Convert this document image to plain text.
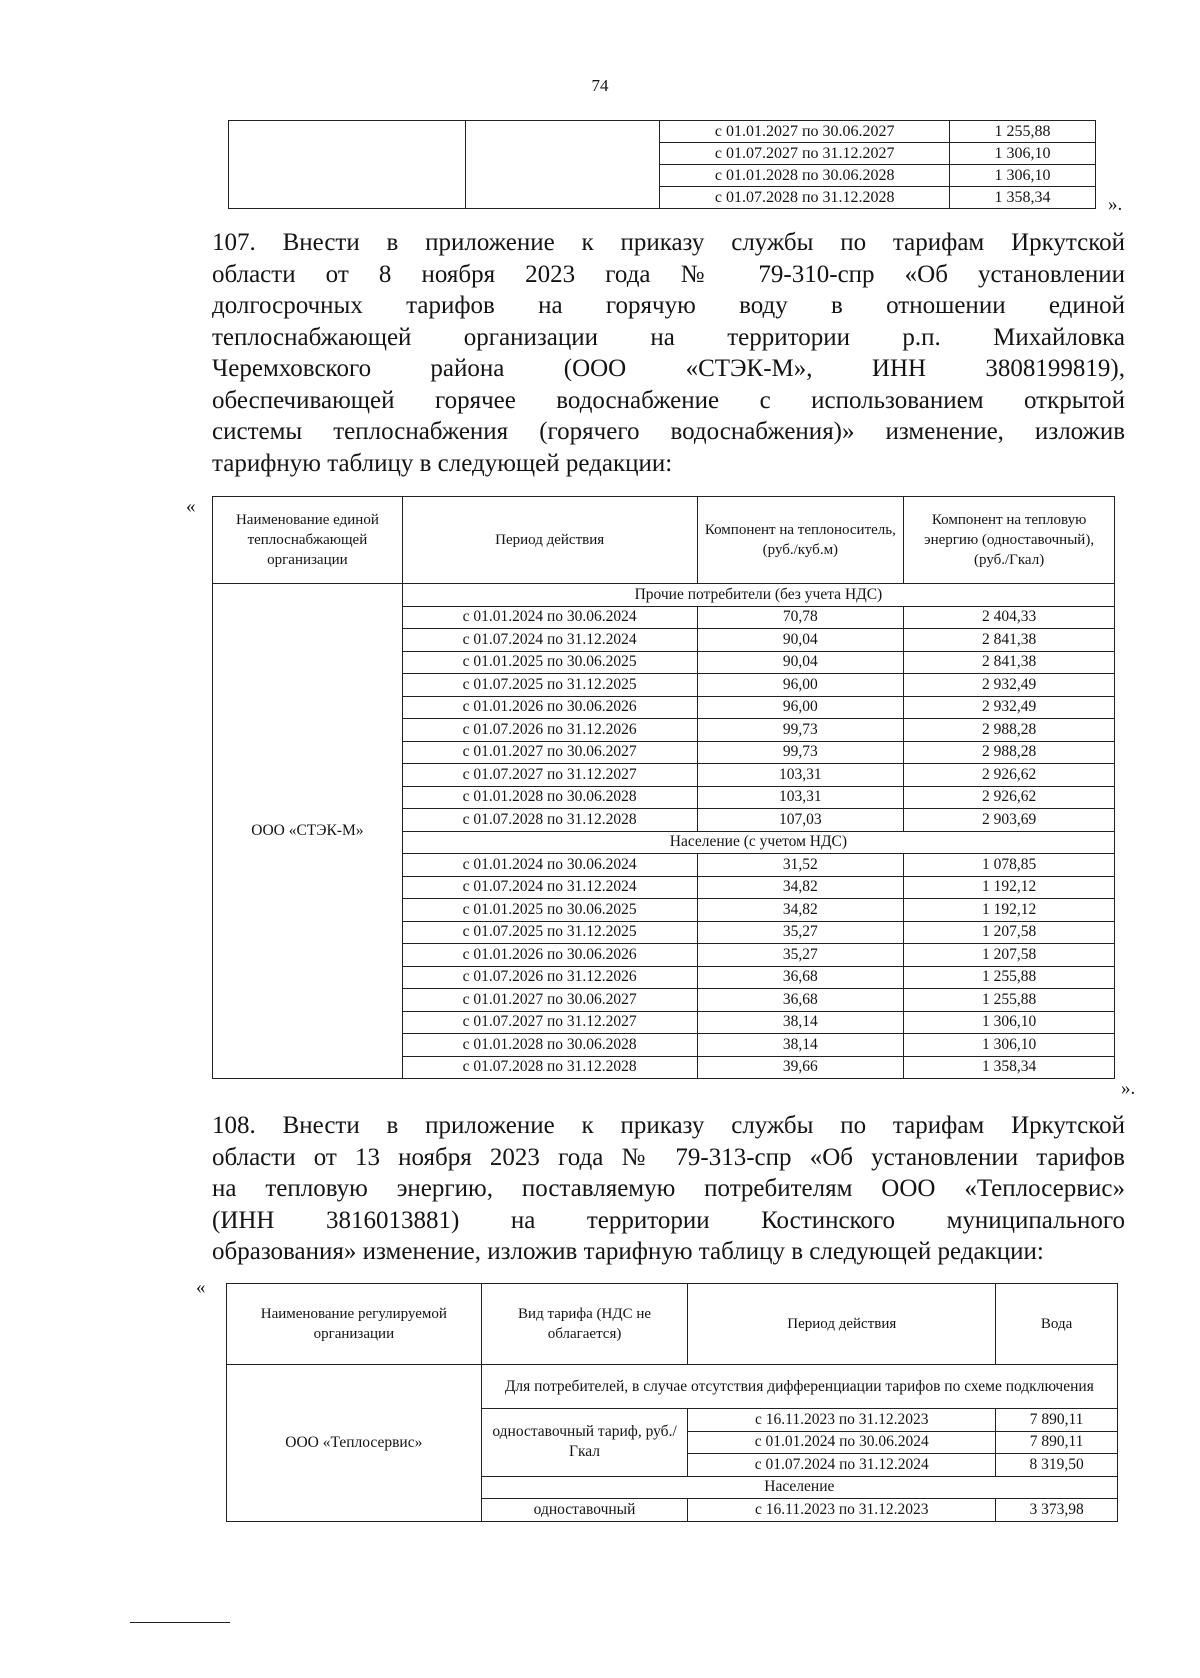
74
		с 01.01.2027 по 30.06.2027	1 255,88
		с 01.07.2027 по 31.12.2027	1 306,10
		с 01.01.2028 по 30.06.2028	1 306,10
		с 01.07.2028 по 31.12.2028	1 358,34	».
107. Внести в приложение к приказу службы по тарифам Иркутской
области от 8 ноября 2023 года № 79-310-спр «Об установлении
долгосрочных тарифов на горячую воду в отношении единой
теплоснабжающей организации на территории р.п. Михайловка
Черемховского района (ООО «СТЭК-М», ИНН 3808199819),
обеспечивающей горячее водоснабжение с использованием открытой
системы теплоснабжения (горячего водоснабжения)» изменение, изложив
тарифную таблицу в следующей редакции:
«
Наименование единой теплоснабжающей организации	Период действия	Компонент на теплоноситель, (руб./куб.м)	Компонент на тепловую энергию (одноставочный), (руб./Гкал)
ООО «СТЭК-М»	Прочие потребители (без учета НДС)		
	с 01.01.2024 по 30.06.2024	70,78	2 404,33
	с 01.07.2024 по 31.12.2024	90,04	2 841,38
	с 01.01.2025 по 30.06.2025	90,04	2 841,38
	с 01.07.2025 по 31.12.2025	96,00	2 932,49
	с 01.01.2026 по 30.06.2026	96,00	2 932,49
	с 01.07.2026 по 31.12.2026	99,73	2 988,28
	с 01.01.2027 по 30.06.2027	99,73	2 988,28
	с 01.07.2027 по 31.12.2027	103,31	2 926,62
	с 01.01.2028 по 30.06.2028	103,31	2 926,62
	с 01.07.2028 по 31.12.2028	107,03	2 903,69
	Население (с учетом НДС)		
	с 01.01.2024 по 30.06.2024	31,52	1 078,85
	с 01.07.2024 по 31.12.2024	34,82	1 192,12
	с 01.01.2025 по 30.06.2025	34,82	1 192,12
	с 01.07.2025 по 31.12.2025	35,27	1 207,58
	с 01.01.2026 по 30.06.2026	35,27	1 207,58
	с 01.07.2026 по 31.12.2026	36,68	1 255,88
	с 01.01.2027 по 30.06.2027	36,68	1 255,88
	с 01.07.2027 по 31.12.2027	38,14	1 306,10
	с 01.01.2028 по 30.06.2028	38,14	1 306,10
	с 01.07.2028 по 31.12.2028	39,66	1 358,34
».
108. Внести в приложение к приказу службы по тарифам Иркутской
области от 13 ноября 2023 года № 79-313-спр «Об установлении тарифов
на тепловую энергию, поставляемую потребителям ООО «Теплосервис»
(ИНН 3816013881) на территории Костинского муниципального
образования» изменение, изложив тарифную таблицу в следующей редакции:
«
Наименование регулируемой организации	Вид тарифа (НДС не облагается)	Период действия	Вода
ООО «Теплосервис»	Для потребителей, в случае отсутствия дифференциации тарифов по схеме подключения		
	одноставочный тариф, руб./Гкал	с 16.11.2023 по 31.12.2023	7 890,11
		с 01.01.2024 по 30.06.2024	7 890,11
		с 01.07.2024 по 31.12.2024	8 319,50
	Население		
	одноставочный	с 16.11.2023 по 31.12.2023	3 373,98
